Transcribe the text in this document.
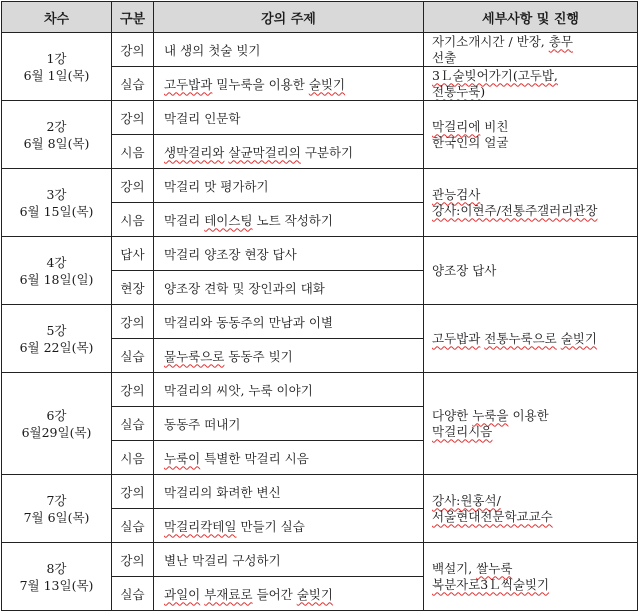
차수	구분	강의 주제	세부사항 및 진행

1강
6월 1일(목)	강의	내 생의 첫술 빚기	자기소개시간 / 반장, 총무
선출

	실습	고두밥과 밀누룩을 이용한 술빚기	3Ｌ술빚어가기(고두밥,
전통누룩)

2강
6월 8일(목)	강의	막걸리 인문학	막걸리에 비친
한국인의 얼굴

	시음	생막걸리와 살균막걸리의 구분하기	

3강
6월 15일(목)	강의	막걸리 맛 평가하기	관능검사
강사:이현주/전통주갤러리관장

	시음	막걸리 테이스팅 노트 작성하기	

4강
6월 18일(일)	답사	막걸리 양조장 현장 답사	양조장 답사

	현장	양조장 견학 및 장인과의 대화	

5강
6월 22일(목)	강의	막걸리와 동동주의 만남과 이별	고두밥과 전통누룩으로 술빚기

	실습	물누룩으로 동동주 빚기	

6강
6월29일(목)	강의	막걸리의 씨앗, 누룩 이야기	다양한 누룩을 이용한
막걸리시음

	실습	동동주 떠내기	
	시음	누룩이 특별한 막걸리 시음	

7강
7월 6일(목)	강의	막걸리의 화려한 변신	강사:원홍석/
서울현대전문학교교수

	실습	막걸리칵테일 만들기 실습	

8강
7월 13일(목)	강의	별난 막걸리 구성하기	백설기, 쌀누룩
복분자로3Ｌ씩술빚기

	실습	과일이 부재료로 들어간 술빚기	
